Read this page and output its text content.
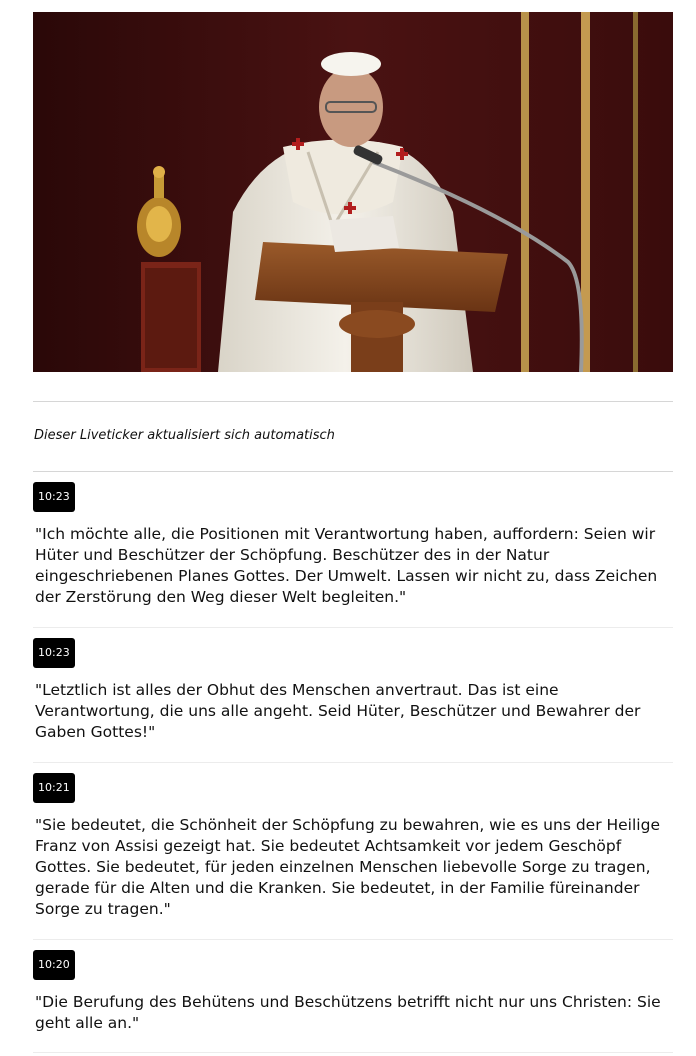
Dieser Liveticker aktualisiert sich automatisch
10:23
"Ich möchte alle, die Positionen mit Verantwortung haben, auffordern: Seien wir Hüter und Beschützer der Schöpfung. Beschützer des in der Natur eingeschriebenen Planes Gottes. Der Umwelt. Lassen wir nicht zu, dass Zeichen der Zerstörung den Weg dieser Welt begleiten."
10:23
"Letztlich ist alles der Obhut des Menschen anvertraut. Das ist eine Verantwortung, die uns alle angeht. Seid Hüter, Beschützer und Bewahrer der Gaben Gottes!"
10:21
"Sie bedeutet, die Schönheit der Schöpfung zu bewahren, wie es uns der Heilige Franz von Assisi gezeigt hat. Sie bedeutet Achtsamkeit vor jedem Geschöpf Gottes. Sie bedeutet, für jeden einzelnen Menschen liebevolle Sorge zu tragen, gerade für die Alten und die Kranken. Sie bedeutet, in der Familie füreinander Sorge zu tragen."
10:20
"Die Berufung des Behütens und Beschützens betrifft nicht nur uns Christen: Sie geht alle an."
